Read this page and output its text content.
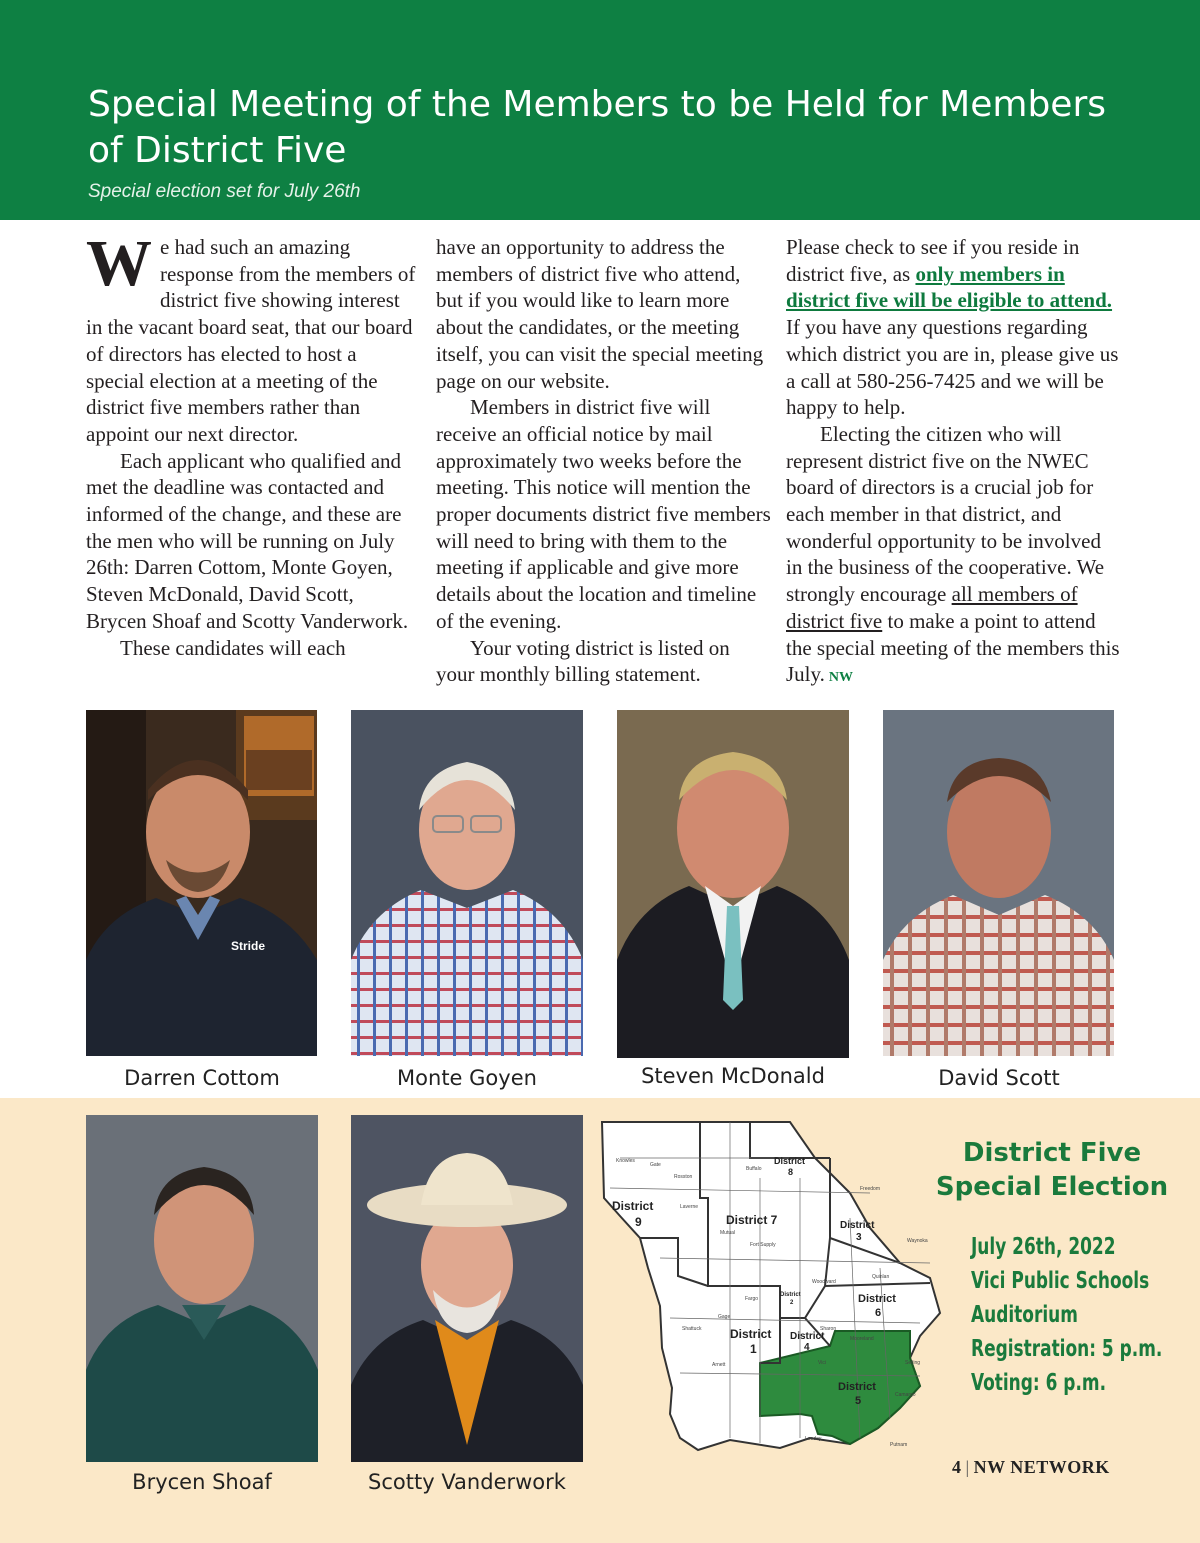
Special Meeting of the Members to be Held for Members of District Five

Special election set for July 26th

We had such an amazing response from the members of district five showing interest in the vacant board seat, that our board of directors has elected to host a special election at a meeting of the district five members rather than appoint our next director.

Each applicant who qualified and met the deadline was contacted and informed of the change, and these are the men who will be running on July 26th: Darren Cottom, Monte Goyen, Steven McDonald, David Scott, Brycen Shoaf and Scotty Vanderwork.

These candidates will each

have an opportunity to address the members of district five who attend, but if you would like to learn more about the candidates, or the meeting itself, you can visit the special meeting page on our website.

Members in district five will receive an official notice by mail approximately two weeks before the meeting. This notice will mention the proper documents district five members will need to bring with them to the meeting if applicable and give more details about the location and timeline of the evening.

Your voting district is listed on your monthly billing statement.

Please check to see if you reside in district five, as only members in district five will be eligible to attend. If you have any questions regarding which district you are in, please give us a call at 580-256-7425 and we will be happy to help.

Electing the citizen who will represent district five on the NWEC board of directors is a crucial job for each member in that district, and wonderful opportunity to be involved in the business of the cooperative. We strongly encourage all members of district five to make a point to attend the special meeting of the members this July. NW

Stride
Darren Cottom	Monte Goyen	Steven McDonald	David Scott
Brycen Shoaf	Scotty Vanderwork
Knowles
Gate
Rosston
Buffalo
Laverne
Mutual
Fort Supply
Freedom
Waynoka
Quinlan
Woodward
Fargo
Gage
Shattuck
Arnett
Sharon
Mooreland
Vici	Seiling
Camargo
Leedey
Putnam
District
9
District
8
District 7	District
3
District
2	District
6
District
1
District
4
District
5
District Five Special Election
July 26th, 2022
Vici Public Schools
Auditorium
Registration: 5 p.m.
Voting: 6 p.m.
4 | NW NETWORK
